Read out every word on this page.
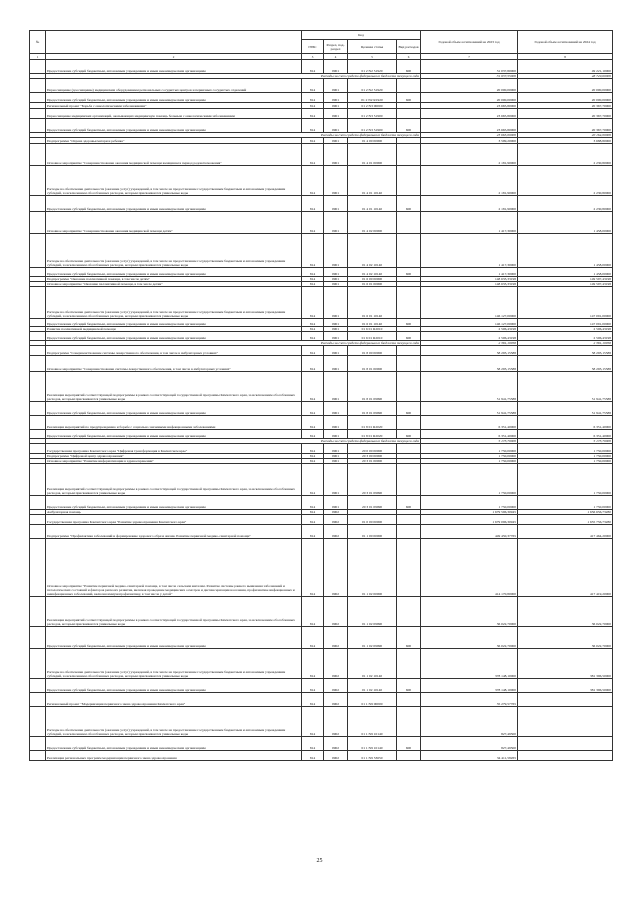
№		Код				Годовой объем ассигнований на 2023 год	Годовой объем ассигнований на 2024 год
		ГРБС	Раздел, под-раздел	Целевая статья	Вид расходов		
1	2	3	4	5	6	7	8
	Предоставление субсидий бюджетным, автономным учреждениям и иным некоммерческим организациям	814	0901	01 2 N2 51920	600	31 037,80000	49 221,10000
	Расходы за счет средств федерального бюджета текущего года					31 037,55000	48 729,60000
	Переоснащение (дооснащение) медицинским оборудованием региональных сосудистых центров и первичных сосудистых отделений	814	0901	01 2 N2 51920		20 000,00000	20 000,00000
	Предоставление субсидий бюджетным, автономным учреждениям и иным некоммерческим организациям	814	0901	01 2 N2 R1920	600	20 000,00000	20 000,00000
	Региональный проект "Борьба с онкологическими заболеваниями"	814	0901	01 2 N3 00000		23 665,80000	20 367,70000
	Переоснащение медицинских организаций, оказывающих медицинскую помощь больным с онкологическими заболеваниями	814	0901	01 2 N3 51900		23 665,80000	20 367,70000
	Предоставление субсидий бюджетным, автономным учреждениям и иным некоммерческим организациям	814	0901	01 2 N3 51900	600	23 665,80000	20 367,70000
	Расходы за счет средств федерального бюджета текущего года					23 665,09000	20 164,00000
	Подпрограмма "Охрана здоровья матери и ребенка"	814	0901	01 4 00 00000		3 599,20000	3 688,80000
	Основное мероприятие "Совершенствование оказания медицинской помощи женщинам в период родовспоможения"	814	0901	01 4 01 00000		2 181,90000	2 230,80000
	Расходы на обеспечение деятельности (оказание услуг) учреждений, в том числе на предоставление государственным бюджетным и автономным учреждениям субсидий, за исключением обособленных расходов, которым присваиваются уникальные коды	814	0901	01 4 01 10140		2 181,90000	2 230,80000
	Предоставление субсидий бюджетным, автономным учреждениям и иным некоммерческим организациям	814	0901	01 4 01 10140	600	2 181,90000	2 230,80000
	Основное мероприятие "Совершенствование оказания медицинской помощи детям"	814	0901	01 4 02 00000		1 417,30000	1 458,00000
	Расходы на обеспечение деятельности (оказание услуг) учреждений, в том числе на предоставление государственным бюджетным и автономным учреждениям субсидий, за исключением обособленных расходов, которым присваиваются уникальные коды	814	0901	01 4 02 10140		1 417,30000	1 458,00000
	Предоставление субсидий бюджетным, автономным учреждениям и иным некоммерческим организациям	814	0901	01 4 02 10140	600	1 417,30000	1 458,00000
	Подпрограмма "Оказание паллиативной помощи, в том числе детям"	814	0901	01 6 00 00000		148 633,33198	149 597,43198
	Основное мероприятие "Оказание паллиативной помощи, в том числе детям"	814	0901	01 6 01 00000		148 633,33198	149 597,43198
	Расходы на обеспечение деятельности (оказание услуг) учреждений, в том числе на предоставление государственным бюджетным и автономным учреждениям субсидий, за исключением обособленных расходов, которым присваиваются уникальные коды	814	0901	01 6 01 10140		146 127,00000	147 091,00000
	Предоставление субсидий бюджетным, автономным учреждениям и иным некоммерческим организациям	814	0901	01 6 01 10140	600	146 127,00000	147 091,00000
	Развитие паллиативной медицинской помощи	814	0901	01 6 01 R2010		2 506,43198	2 506,43198
	Предоставление субсидий бюджетным, автономным учреждениям и иным некоммерческим организациям	814	0901	01 6 01 R2010	600	2 506,43198	2 506,43198
	Расходы за счет средств федерального бюджета текущего года					2 381,10958	2 381,10958
	Подпрограмма "Совершенствование системы лекарственного обеспечения, в том числе в амбулаторных условиях"	814	0901	01 8 00 00000		58 293,15588	58 293,15588
	Основное мероприятие "Совершенствование системы лекарственного обеспечения, в том числе в амбулаторных условиях"	814	0901	01 8 01 00000		58 293,15588	58 293,15588
	Реализация мероприятий соответствующей подпрограммы в рамках соответствующей государственной программы Камчатского края, за исключением обособленных расходов, которым присваиваются уникальные коды	814	0901	01 8 01 09990		51 941,75588	51 941,75588
	Предоставление субсидий бюджетным, автономным учреждениям и иным некоммерческим организациям	814	0901	01 8 01 09990	600	51 941,75588	51 941,75588
	Реализация мероприятий по предупреждению и борьбе с социально значимыми инфекционными заболеваниями	814	0901	01 8 01 R2020		6 351,40000	6 351,40000
	Предоставление субсидий бюджетным, автономным учреждениям и иным некоммерческим организациям	814	0901	01 8 01 R2020	600	6 351,40000	6 351,40000
	Расходы за счет средств федерального бюджета текущего года					5 173,70000	5 173,70000
	Государственная программа Камчатского края "Цифровая трансформация в Камчатском крае"	814	0901	20 0 00 00000		1 750,00000	1 750,00000
	Подпрограмма "Цифровой центр здравоохранения"	814	0901	20 3 00 00000		1 750,00000	1 750,00000
	Основное мероприятие "Развитие информатизации в здравоохранении"	814	0901	20 3 01 00000		1 750,00000	1 750,00000
	Реализация мероприятий соответствующей подпрограммы в рамках соответствующей государственной программы Камчатского края, за исключением обособленных расходов, которым присваиваются уникальные коды	814	0901	20 3 01 09990		1 750,00000	1 750,00000
	Предоставление субсидий бюджетным, автономным учреждениям и иным некоммерческим организациям	814	0901	20 3 01 09990	600	1 750,00000	1 750,00000
	Амбулаторная помощь	814	0902			1 679 596,30945	1 656 656,73280
	Государственная программа Камчатского края "Развитие здравоохранения Камчатского края"	814	0902	01 0 00 00000		1 679 096,30945	1 655 756,73280
	Подпрограмма "Профилактика заболеваний и формирование здорового образа жизни. Развитие первичной медико-санитарной помощи"	814	0902	01 1 00 00000		449 450,37765	417 464,20000
	Основное мероприятие "Развитие первичной медико-санитарной помощи, в том числе сельским жителям. Развитие системы раннего выявления заболеваний и патологических состояний и факторов риска их развития, включая проведение медицинских осмотров и диспансеризации населения, профилактике инфекционных и неинфекционных заболеваний, включая иммунопрофилактику, в том числе у детей"	814	0902	01 1 02 00000		414 170,80000	417 419,20000
	Реализация мероприятий соответствующей подпрограммы в рамках соответствующей государственной программы Камчатского края, за исключением обособленных расходов, которым присваиваются уникальные коды	814	0902	01 1 02 09990		36 022,70000	36 022,70000
	Предоставление субсидий бюджетным, автономным учреждениям и иным некоммерческим организациям	814	0902	01 1 02 09990	600	36 022,70000	36 022,70000
	Расходы на обеспечение деятельности (оказание услуг) учреждений, в том числе на предоставление государственным бюджетным и автономным учреждениям субсидий, за исключением обособленных расходов, которым присваиваются уникальные коды	814	0902	01 1 02 10140		378 148,10000	381 396,50000
	Предоставление субсидий бюджетным, автономным учреждениям и иным некоммерческим организациям	814	0902	01 1 02 10140	600	378 148,10000	381 396,50000
	Региональный проект "Модернизация первичного звена здравоохранения Камчатского края"	814	0902	01 1 N9 00000		35 279,57765	
	Расходы на обеспечение деятельности (оказание услуг) учреждений, в том числе на предоставление государственным бюджетным и автономным учреждениям субсидий, за исключением обособленных расходов, которым присваиваются уникальные коды	814	0902	01 1 N9 10140		827,49500	
	Предоставление субсидий бюджетным, автономным учреждениям и иным некоммерческим организациям	814	0902	01 1 N9 10140	600	827,49500	
	Реализация региональных программ модернизации первичного звена здравоохранения	814	0902	01 1 N9 53650		34 411,58265	
25
